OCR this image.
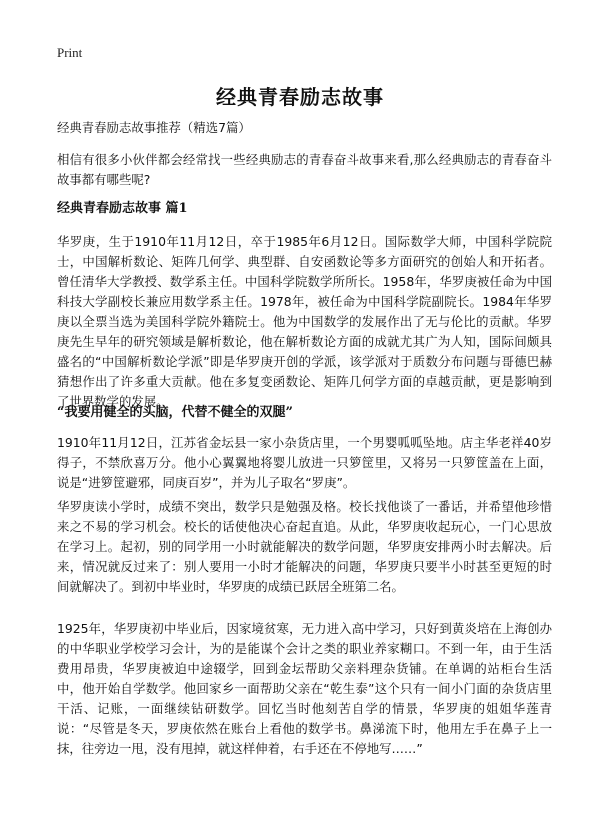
Print
经典青春励志故事
经典青春励志故事推荐（精选7篇）
相信有很多小伙伴都会经常找一些经典励志的青春奋斗故事来看,那么经典励志的青春奋斗故事都有哪些呢?
经典青春励志故事 篇1
华罗庚，生于1910年11月12日，卒于1985年6月12日。国际数学大师，中国科学院院士，中国解析数论、矩阵几何学、典型群、自安函数论等多方面研究的创始人和开拓者。曾任清华大学教授、数学系主任。中国科学院数学所所长。1958年，华罗庚被任命为中国科技大学副校长兼应用数学系主任。1978年，被任命为中国科学院副院长。1984年华罗庚以全票当选为美国科学院外籍院士。他为中国数学的发展作出了无与伦比的贡献。华罗庚先生早年的研究领域是解析数论，他在解析数论方面的成就尤其广为人知，国际间颇具盛名的“中国解析数论学派”即是华罗庚开创的学派，该学派对于质数分布问题与哥德巴赫猜想作出了许多重大贡献。他在多复变函数论、矩阵几何学方面的卓越贡献，更是影响到了世界数学的发展。
“我要用健全的头脑，代替不健全的双腿”
1910年11月12日，江苏省金坛县一家小杂货店里，一个男婴呱呱坠地。店主华老祥40岁得子，不禁欣喜万分。他小心翼翼地将婴儿放进一只箩筐里，又将另一只箩筐盖在上面，说是“进箩筐避邪，同庚百岁”，并为儿子取名“罗庚”。
华罗庚读小学时，成绩不突出，数学只是勉强及格。校长找他谈了一番话，并希望他珍惜来之不易的学习机会。校长的话使他决心奋起直追。从此，华罗庚收起玩心，一门心思放在学习上。起初，别的同学用一小时就能解决的数学问题，华罗庚安排两小时去解决。后来，情况就反过来了：别人要用一小时才能解决的问题，华罗庚只要半小时甚至更短的时间就解决了。到初中毕业时，华罗庚的成绩已跃居全班第二名。
1925年，华罗庚初中毕业后，因家境贫寒，无力进入高中学习，只好到黄炎培在上海创办的中华职业学校学习会计，为的是能谋个会计之类的职业养家糊口。不到一年，由于生活费用昂贵，华罗庚被迫中途辍学，回到金坛帮助父亲料理杂货铺。在单调的站柜台生活中，他开始自学数学。他回家乡一面帮助父亲在“乾生泰”这个只有一间小门面的杂货店里干活、记账，一面继续钻研数学。回忆当时他刻苦自学的情景，华罗庚的姐姐华莲青说：“尽管是冬天，罗庚依然在账台上看他的数学书。鼻涕流下时，他用左手在鼻子上一抹，往旁边一甩，没有甩掉，就这样伸着，右手还在不停地写……”
